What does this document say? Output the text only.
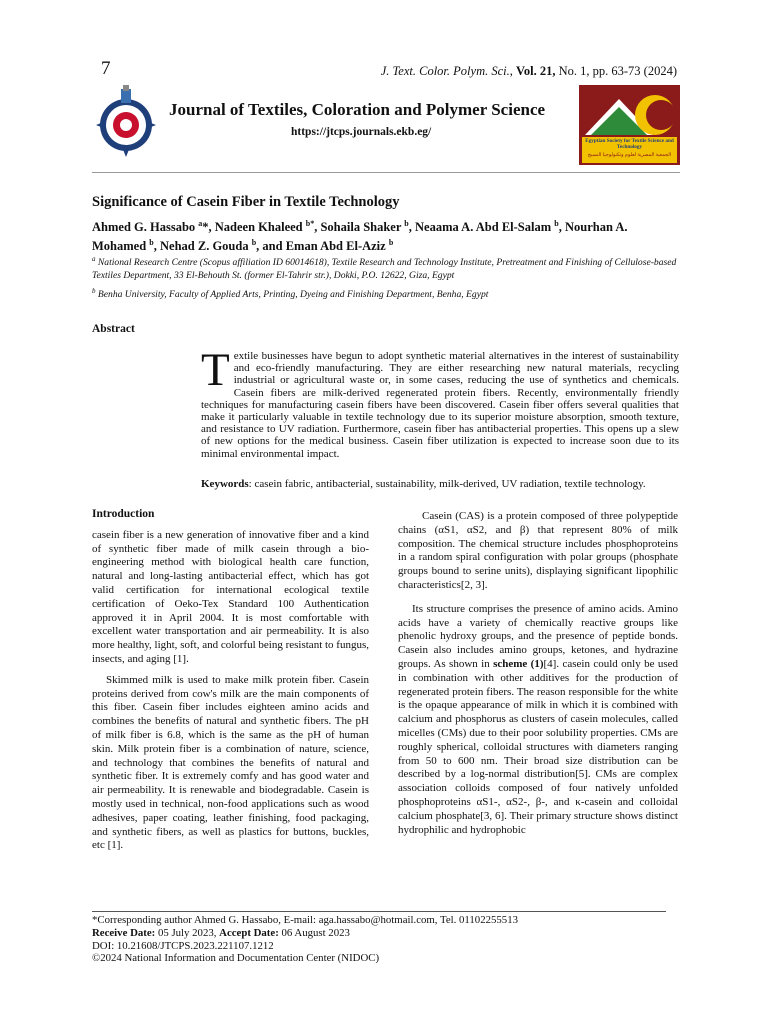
7	J. Text. Color. Polym. Sci., Vol. 21, No. 1, pp. 63-73 (2024)
Journal of Textiles, Coloration and Polymer Science
https://jtcps.journals.ekb.eg/
Egyptian Society for Textile Science and Technology
الجمعية المصرية لعلوم وتكنولوجيا النسيج
Significance of Casein Fiber in Textile Technology
Ahmed G. Hassabo $^a$*, Nadeen Khaleed $^{b*}$, Sohaila Shaker $^b$, Neaama A. Abd El-Salam $^b$, Nourhan A. Mohamed $^b$, Nehad Z. Gouda $^b$, and Eman Abd El-Aziz $^b$
$^a$ National Research Centre (Scopus affiliation ID 60014618), Textile Research and Technology Institute, Pretreatment and Finishing of Cellulose-based Textiles Department, 33 El-Behouth St. (former El-Tahrir str.), Dokki, P.O. 12622, Giza, Egypt
$^b$ Benha University, Faculty of Applied Arts, Printing, Dyeing and Finishing Department, Benha, Egypt
Abstract
Textile businesses have begun to adopt synthetic material alternatives in the interest of sustainability and eco-friendly manufacturing. They are either researching new natural materials, recycling industrial or agricultural waste or, in some cases, reducing the use of synthetics and chemicals. Casein fibers are milk-derived regenerated protein fibers. Recently, environmentally friendly techniques for manufacturing casein fibers have been discovered. Casein fiber offers several qualities that make it particularly valuable in textile technology due to its superior moisture absorption, smooth texture, and resistance to UV radiation. Furthermore, casein fiber has antibacterial properties. This opens up a slew of new options for the medical business. Casein fiber utilization is expected to increase soon due to its minimal environmental impact.
Keywords: casein fabric, antibacterial, sustainability, milk-derived, UV radiation, textile technology.
Introduction

casein fiber is a new generation of innovative fiber and a kind of synthetic fiber made of milk casein through a bio-engineering method with biological health care function, natural and long-lasting antibacterial effect, which has got valid certification for international ecological textile certification of Oeko-Tex Standard 100 Authentication approved it in April 2004. It is most comfortable with excellent water transportation and air permeability. It is also more healthy, light, soft, and colorful being resistant to fungus, insects, and aging [1].

Skimmed milk is used to make milk protein fiber. Casein proteins derived from cow's milk are the main components of this fiber. Casein fiber includes eighteen amino acids and combines the benefits of natural and synthetic fibers. The pH of milk fiber is 6.8, which is the same as the pH of human skin. Milk protein fiber is a combination of nature, science, and technology that combines the benefits of natural and synthetic fiber. It is extremely comfy and has good water and air permeability. It is renewable and biodegradable. Casein is mostly used in technical, non-food applications such as wood adhesives, paper coating, leather finishing, food packaging, and synthetic fibers, as well as plastics for buttons, buckles, etc [1].

Casein (CAS) is a protein composed of three polypeptide chains (αS1, αS2, and β) that represent 80% of milk composition. The chemical structure includes phosphoproteins in a random spiral configuration with polar groups (phosphate groups bound to serine units), displaying significant lipophilic characteristics[2, 3].

Its structure comprises the presence of amino acids. Amino acids have a variety of chemically reactive groups like phenolic hydroxy groups, and the presence of peptide bonds. Casein also includes amino groups, ketones, and hydrazine groups. As shown in scheme (1)[4]. casein could only be used in combination with other additives for the production of regenerated protein fibers. The reason responsible for the white is the opaque appearance of milk in which it is combined with calcium and phosphorus as clusters of casein molecules, called micelles (CMs) due to their poor solubility properties. CMs are roughly spherical, colloidal structures with diameters ranging from 50 to 600 nm. Their broad size distribution can be described by a log-normal distribution[5]. CMs are complex association colloids composed of four natively unfolded phosphoproteins αS1-, αS2-, β-, and κ-casein and colloidal calcium phosphate[3, 6]. Their primary structure shows distinct hydrophilic and hydrophobic

*Corresponding author Ahmed G. Hassabo, E-mail: aga.hassabo@hotmail.com, Tel. 01102255513
Receive Date: 05 July 2023, Accept Date: 06 August 2023
DOI: 10.21608/JTCPS.2023.221107.1212
©2024 National Information and Documentation Center (NIDOC)
